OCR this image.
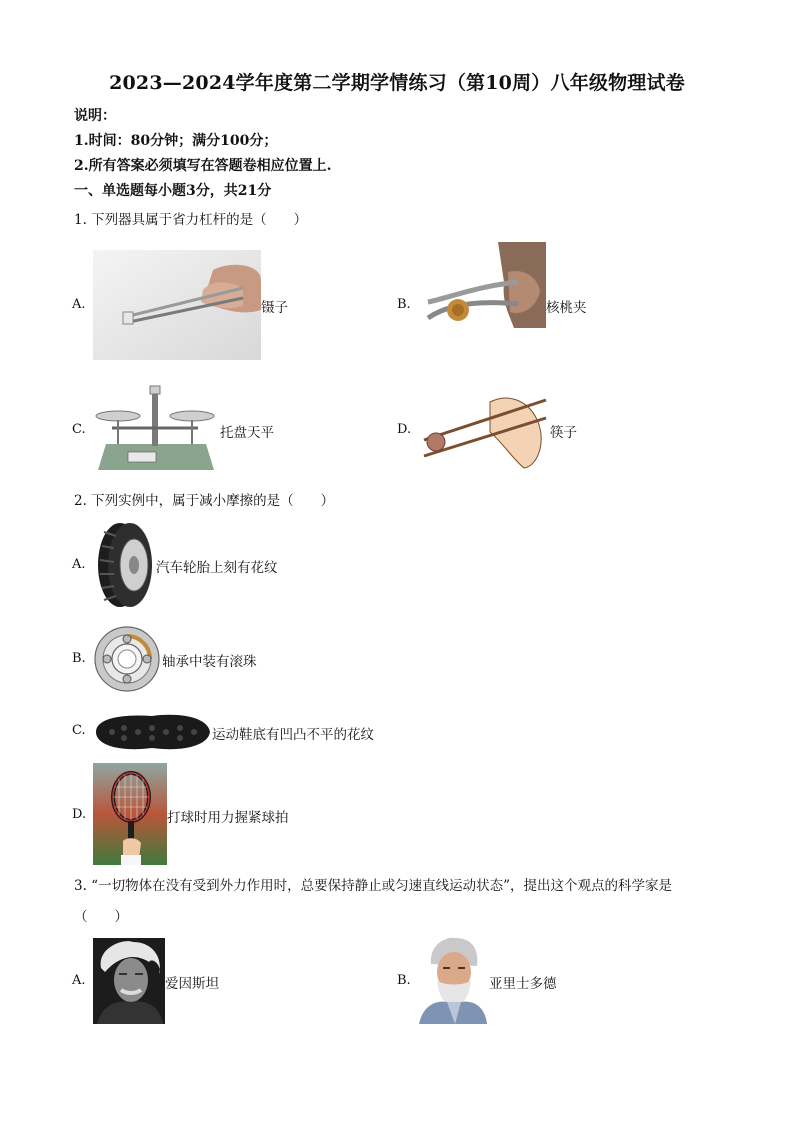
2023—2024学年度第二学期学情练习（第10周）八年级物理试卷
说明：
1.时间：80分钟；满分100分；
2.所有答案必须填写在答题卷相应位置上.
一、单选题每小题3分，共21分
1. 下列器具属于省力杠杆的是（　　）
A.	镊子	B.	核桃夹
C.	托盘天平	D.	筷子
2. 下列实例中，属于减小摩擦的是（　　）
A.	汽车轮胎上刻有花纹
B.	轴承中装有滚珠
C.	运动鞋底有凹凸不平的花纹
D.	打球时用力握紧球拍
3. “一切物体在没有受到外力作用时，总要保持静止或匀速直线运动状态”，提出这个观点的科学家是
（　　）
A.	爱因斯坦	B.	亚里士多德
